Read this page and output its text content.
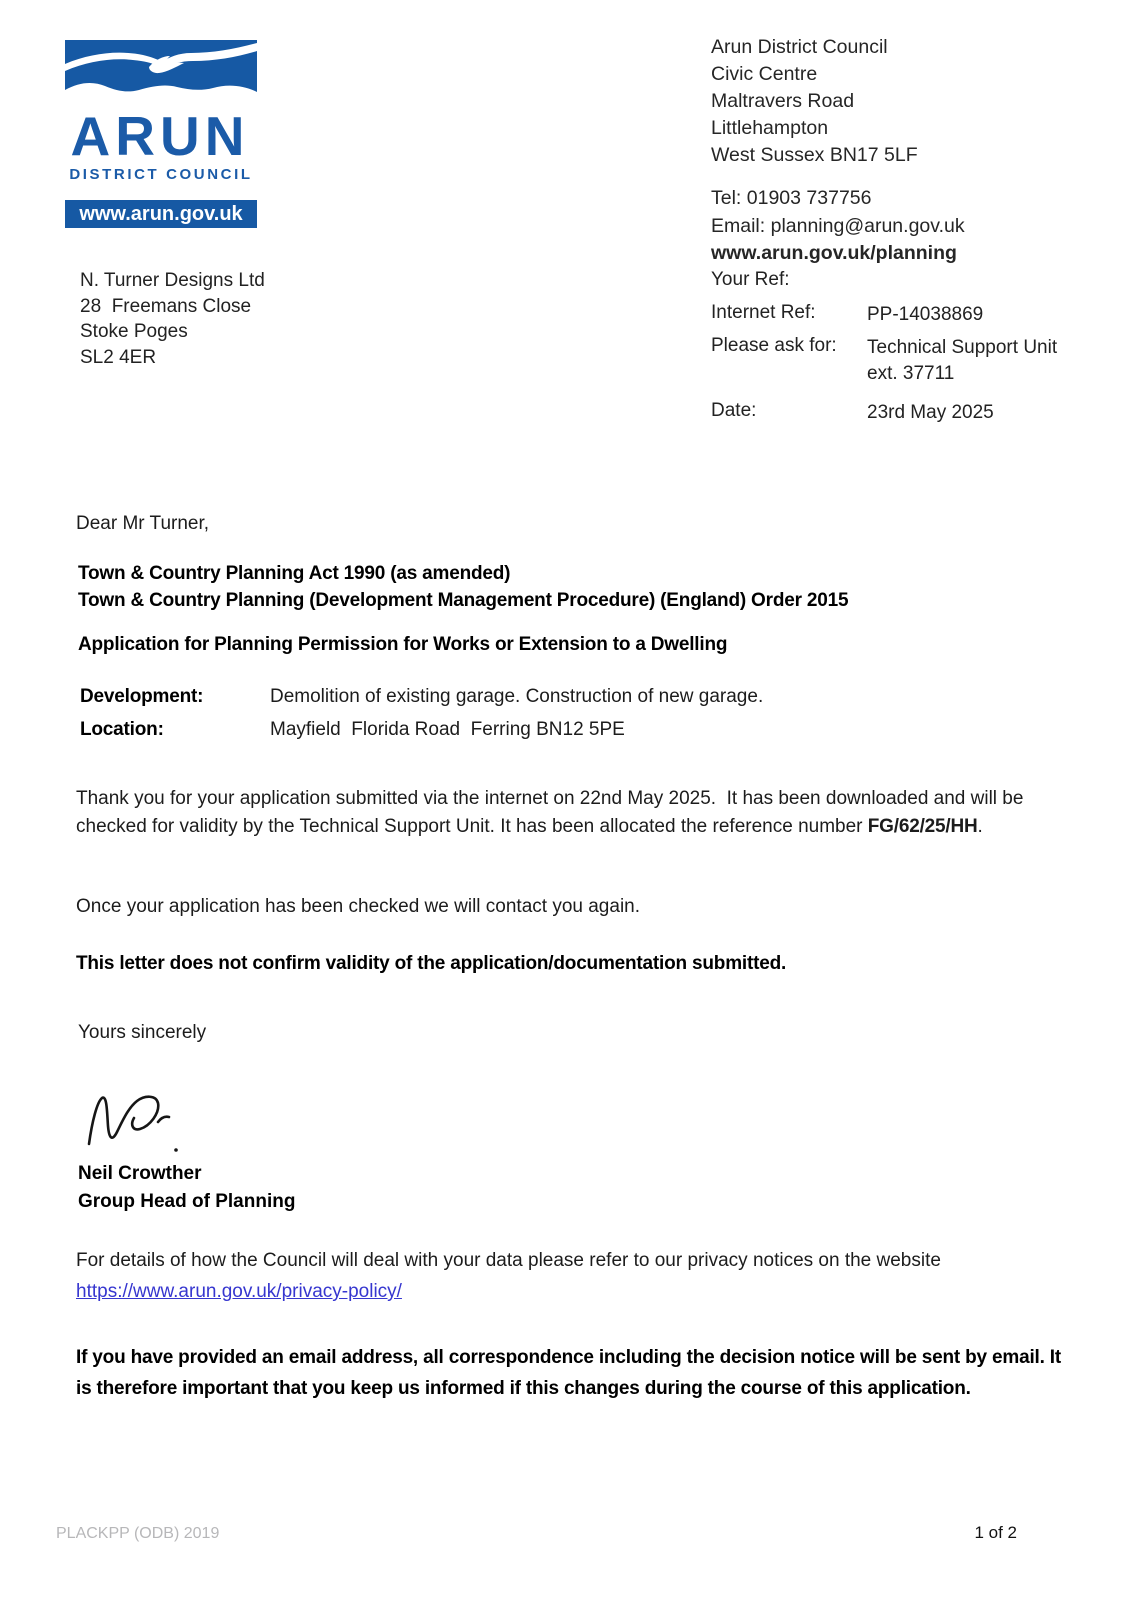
ARUN
DISTRICT COUNCIL
www.arun.gov.uk
Arun District Council
Civic Centre
Maltravers Road
Littlehampton
West Sussex BN17 5LF
Tel: 01903 737756
Email: planning@arun.gov.uk
www.arun.gov.uk/planning
Your Ref:
Internet Ref:	PP-14038869
Please ask for:	Technical Support Unit
ext. 37711
Date:	23rd May 2025
N. Turner Designs Ltd
28  Freemans Close
Stoke Poges
SL2 4ER
Dear Mr Turner,
Town & Country Planning Act 1990 (as amended)
Town & Country Planning (Development Management Procedure) (England) Order 2015
Application for Planning Permission for Works or Extension to a Dwelling
Development:	Demolition of existing garage. Construction of new garage.
Location:	Mayfield  Florida Road  Ferring BN12 5PE
Thank you for your application submitted via the internet on 22nd May 2025.  It has been downloaded and will be checked for validity by the Technical Support Unit. It has been allocated the reference number FG/62/25/HH.
Once your application has been checked we will contact you again.
This letter does not confirm validity of the application/documentation submitted.
Yours sincerely
Neil Crowther
Group Head of Planning
For details of how the Council will deal with your data please refer to our privacy notices on the website
https://www.arun.gov.uk/privacy-policy/
If you have provided an email address, all correspondence including the decision notice will be sent by email. It is therefore important that you keep us informed if this changes during the course of this application.
PLACKPP (ODB) 2019	1 of 2
